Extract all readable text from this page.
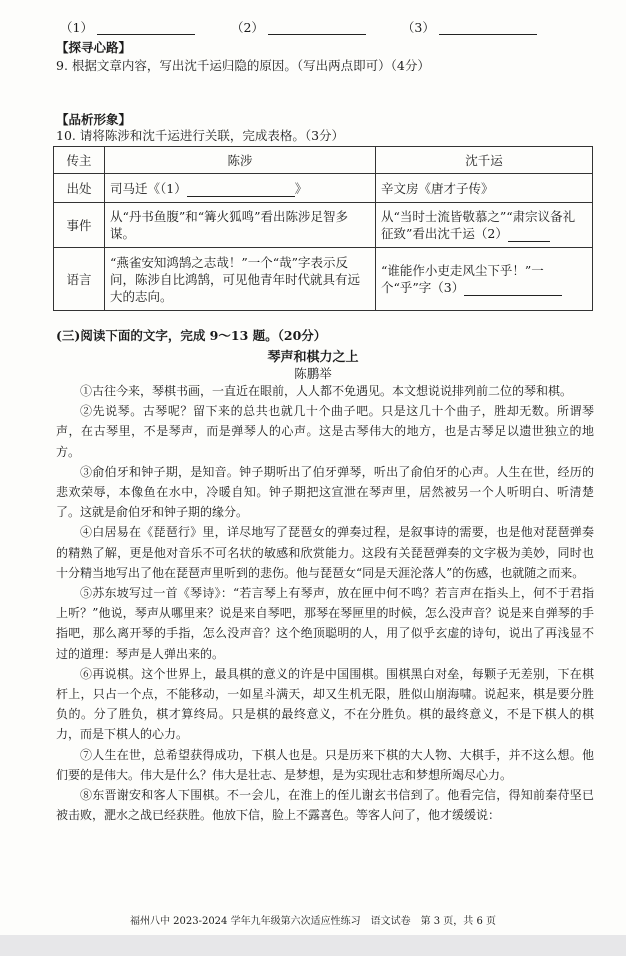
（1）	（2）	（3）
【探寻心路】
9. 根据文章内容，写出沈千运归隐的原因。（写出两点即可）（4分）
【品析形象】
10. 请将陈涉和沈千运进行关联，完成表格。（3分）
传主	陈涉	沈千运
出处	司马迁《（1） 》	辛文房《唐才子传》
事件	从“丹书鱼腹”和“篝火狐鸣”看出陈涉足智多谋。	从“当时士流皆敬慕之”“肃宗议备礼征致”看出沈千运（2）
语言	“燕雀安知鸿鹄之志哉！”一个“哉”字表示反问，陈涉自比鸿鹄，可见他青年时代就具有远大的志向。	“谁能作小吏走风尘下乎！”一个“乎”字（3）
(三)阅读下面的文字，完成 9～13 题。（20分）
琴声和棋力之上
陈鹏举

①古往今来，琴棋书画，一直近在眼前，人人都不免遇见。本文想说说排列前二位的琴和棋。

②先说琴。古琴呢？留下来的总共也就几十个曲子吧。只是这几十个曲子，胜却无数。所谓琴声，在古琴里，不是琴声，而是弹琴人的心声。这是古琴伟大的地方，也是古琴足以遗世独立的地方。

③俞伯牙和钟子期，是知音。钟子期听出了伯牙弹琴，听出了俞伯牙的心声。人生在世，经历的悲欢荣辱，本像鱼在水中，冷暖自知。钟子期把这宣泄在琴声里，居然被另一个人听明白、听清楚了。这就是俞伯牙和钟子期的缘分。

④白居易在《琵琶行》里，详尽地写了琵琶女的弹奏过程，是叙事诗的需要，也是他对琵琶弹奏的精熟了解，更是他对音乐不可名状的敏感和欣赏能力。这段有关琵琶弹奏的文字极为美妙，同时也十分精当地写出了他在琵琶声里听到的悲伤。他与琵琶女“同是天涯沦落人”的伤感，也就随之而来。

⑤苏东坡写过一首《琴诗》：“若言琴上有琴声，放在匣中何不鸣？若言声在指头上，何不于君指上听？”他说，琴声从哪里来？说是来自琴吧，那琴在琴匣里的时候，怎么没声音？说是来自弹琴的手指吧，那么离开琴的手指，怎么没声音？这个绝顶聪明的人，用了似乎玄虚的诗句，说出了再浅显不过的道理：琴声是人弹出来的。

⑥再说棋。这个世界上，最具棋的意义的许是中国围棋。围棋黑白对垒，每颗子无差别，下在棋杆上，只占一个点，不能移动，一如星斗满天，却又生机无限，胜似山崩海啸。说起来，棋是要分胜负的。分了胜负，棋才算终局。只是棋的最终意义，不在分胜负。棋的最终意义，不是下棋人的棋力，而是下棋人的心力。

⑦人生在世，总希望获得成功，下棋人也是。只是历来下棋的大人物、大棋手，并不这么想。他们要的是伟大。伟大是什么？伟大是壮志、是梦想，是为实现壮志和梦想所竭尽心力。

⑧东晋谢安和客人下围棋。不一会儿，在淮上的侄儿谢玄书信到了。他看完信，得知前秦苻坚已被击败，淝水之战已经获胜。他放下信，脸上不露喜色。等客人问了，他才缓缓说：

福州八中 2023-2024 学年九年级第六次适应性练习　语文试卷　第 3 页，共 6 页
